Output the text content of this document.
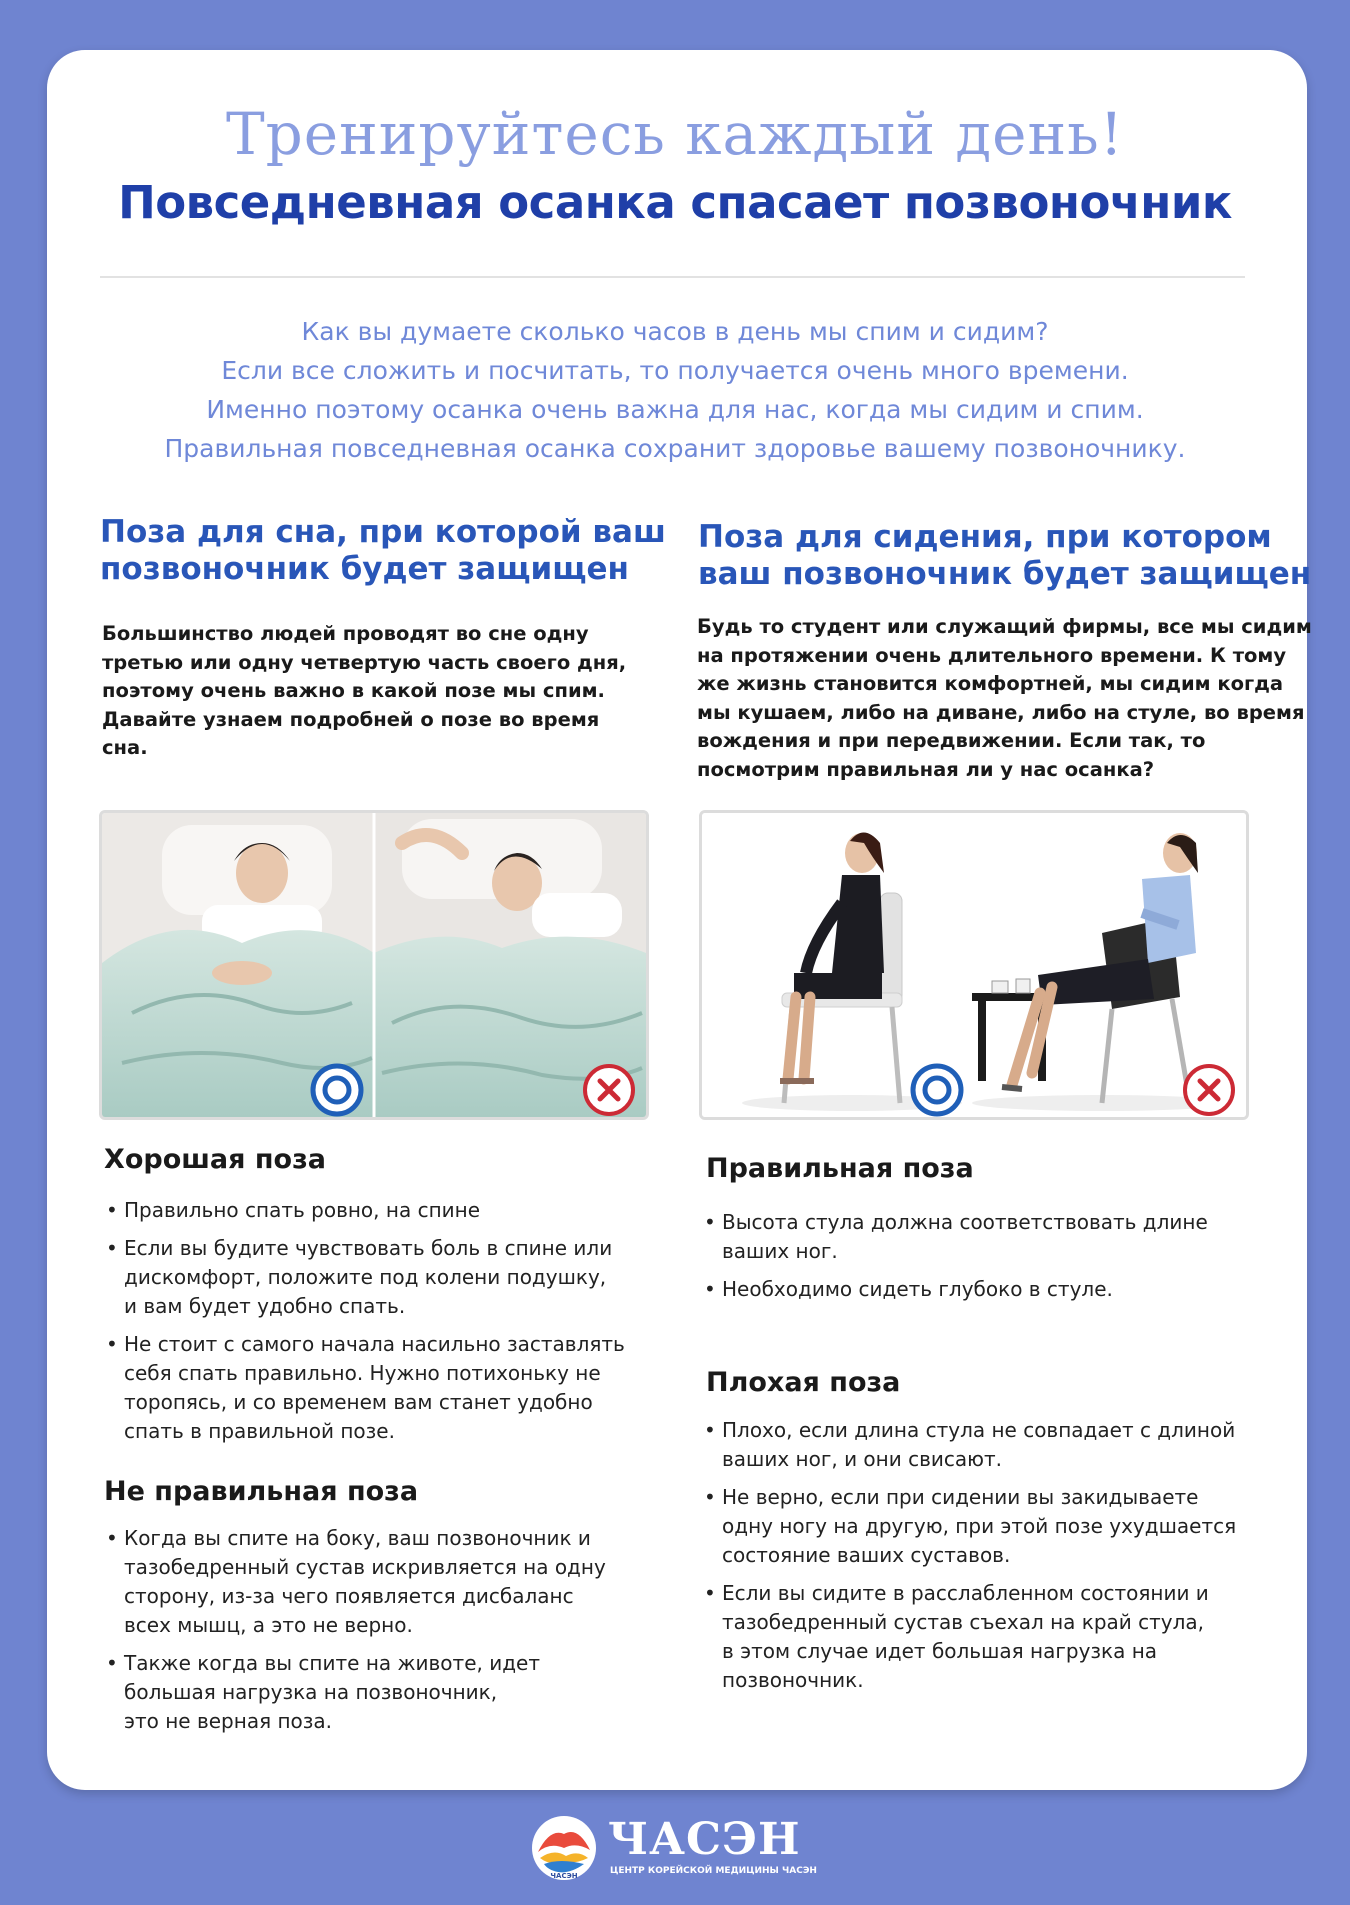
Тренируйтесь каждый день!
Повседневная осанка спасает позвоночник
Как вы думаете сколько часов в день мы спим и сидим?
Если все сложить и посчитать, то получается очень много времени.
Именно поэтому осанка очень важна для нас, когда мы сидим и спим.
Правильная повседневная осанка сохранит здоровье вашему позвоночнику.
Поза для сна, при которой ваш
позвоночник будет защищен
Большинство людей проводят во сне одну
третью или одну четвертую часть своего дня,
поэтому очень важно в какой позе мы спим.
Давайте узнаем подробней о позе во время
сна.
Хорошая поза
• Правильно спать ровно, на спине
• Если вы будите чувствовать боль в спине или
дискомфорт, положите под колени подушку,
и вам будет удобно спать.
• Не стоит с самого начала насильно заставлять
себя спать правильно. Нужно потихоньку не
торопясь, и со временем вам станет удобно
спать в правильной позе.
Не правильная поза
• Когда вы спите на боку, ваш позвоночник и
тазобедренный сустав искривляется на одну
сторону, из-за чего появляется дисбаланс
всех мышц, а это не верно.
• Также когда вы спите на животе, идет
большая нагрузка на позвоночник,
это не верная поза.
Поза для сидения, при котором
ваш позвоночник будет защищен
Будь то студент или служащий фирмы, все мы сидим
на протяжении очень длительного времени. К тому
же жизнь становится комфортней, мы сидим когда
мы кушаем, либо на диване, либо на стуле, во время
вождения и при передвижении. Если так, то
посмотрим правильная ли у нас осанка?
Правильная поза
• Высота стула должна соответствовать длине
ваших ног.
• Необходимо сидеть глубоко в стуле.
Плохая поза
• Плохо, если длина стула не совпадает с длиной
ваших ног, и они свисают.
• Не верно, если при сидении вы закидываете
одну ногу на другую, при этой позе ухудшается
состояние ваших суставов.
• Если вы сидите в расслабленном состоянии и
тазобедренный сустав съехал на край стула,
в этом случае идет большая нагрузка на
позвоночник.
ЧАСЭН
ЧАСЭН
ЦЕНТР КОРЕЙСКОЙ МЕДИЦИНЫ ЧАСЭН
